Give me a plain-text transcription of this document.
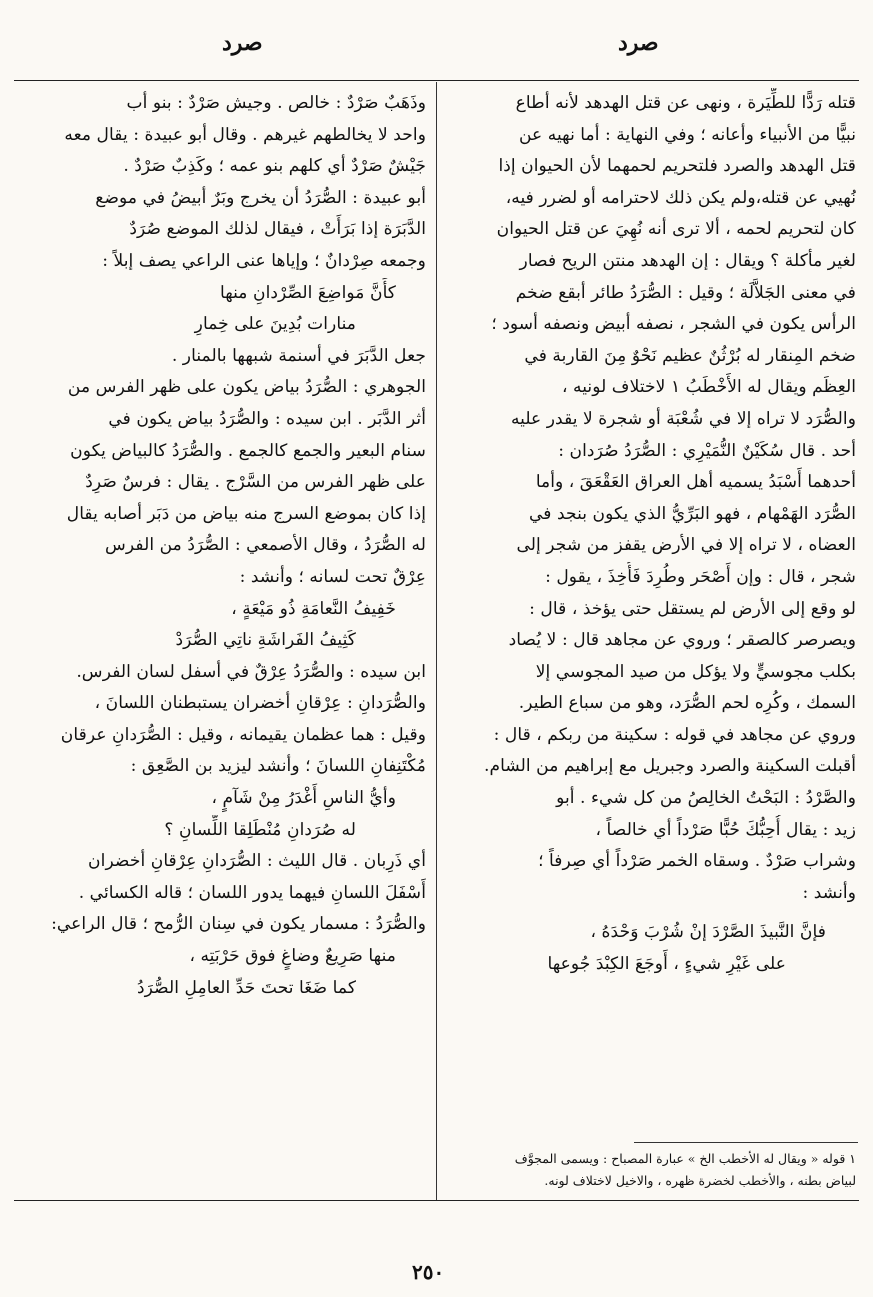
صرد
صرد
قتله رَدًّا للطِّيَرة ، ونهى عن قتل الهدهد لأنه أطاع
نبيًّا من الأنبياء وأعانه ؛ وفي النهاية : أما نهيه عن
قتل الهدهد والصرد فلتحريم لحمهما لأن الحيوان إذا
نُهيي عن قتله،ولم يكن ذلك لاحترامه أو لضرر فيه،
كان لتحريم لحمه ، ألا ترى أنه نُهِيَ عن قتل الحيوان
لغير مأكلة ؟ ويقال : إن الهدهد منتن الريح فصار
في معنى الجَلاَّلَة ؛ وقيل : الصُّرَدُ طائر أبقع ضخم
الرأس يكون في الشجر ، نصفه أبيض ونصفه أسود ؛
ضخم المِنقار له بُرْثُنٌ عظيم نَحْوٌ مِنَ القاربة في
العِظَم ويقال له الأَخْطَبُ ١ لاختلاف لونيه ،
والصُّرَد لا تراه إلا في شُعْبَة أو شجرة لا يقدر عليه
أحد . قال سُكَيْنٌ النُّمَيْرِي : الصُّرَدُ صُرَدان :
أحدهما أَسْبَدُ يسميه أهل العراق العَقْعَقَ ، وأما
الصُّرَد الهَمْهام ، فهو البَرِّيُّ الذي يكون بنجد في
العضاه ، لا تراه إلا في الأرض يقفز من شجر إلى
شجر ، قال : وإن أَصْحَر وطُرِدَ فَأُخِذَ ، يقول :
لو وقع إلى الأرض لم يستقل حتى يؤخذ ، قال :
ويصرصر كالصقر ؛ وروي عن مجاهد قال : لا يُصاد
بكلب مجوسيٍّ ولا يؤكل من صيد المجوسي إلا
السمك ، وكُرِه لحم الصُّرَد، وهو من سباع الطير.
وروي عن مجاهد في قوله : سكينة من ربكم ، قال :
أقبلت السكينة والصرد وجبريل مع إبراهيم من الشام.
والصَّرْدُ : البَحْتُ الخالِصُ من كل شيء . أبو
زيد : يقال أُحِبُّكَ حُبًّا صَرْداً أي خالصاً ،
وشراب صَرْدٌ . وسقاه الخمر صَرْداً أي صِرفاً ؛
وأنشد :
فإنَّ النَّبيذَ الصَّرْدَ إنْ شُرْبَ وَحْدَهُ ،
على غَيْرِ شيءٍ ، أَوجَعَ الكِبْدَ جُوعها
وذَهَبٌ صَرْدٌ : خالص . وجيش صَرْدٌ : بنو أب
واحد لا يخالطهم غيرهم . وقال أبو عبيدة : يقال معه
جَيْشٌ صَرْدٌ أي كلهم بنو عمه ؛ وكَذِبٌ صَرْدٌ .
أبو عبيدة : الصُّرَدُ أن يخرج وبَرٌ أبيضُ في موضع
الدَّبَرَة إذا بَرَأَتْ ، فيقال لذلك الموضع صُرَدٌ
وجمعه صِرْدانٌ ؛ وإياها عنى الراعي يصف إبلاً :
كأَنَّ مَواضِعَ الصِّرْدانِ منها
منارات بُدِينَ على خِمارِ
جعل الدَّبَرَ في أسنمة شبهها بالمنار .
الجوهري : الصُّرَدُ بياض يكون على ظهر الفرس من
أثر الدَّبَر . ابن سيده : والصُّرَدُ بياض يكون في
سنام البعير والجمع كالجمع . والصُّرَدُ كالبياض يكون
على ظهر الفرس من السَّرْج . يقال : فرسٌ صَرِدٌ
إذا كان بموضع السرج منه بياض من دَبَر أصابه يقال
له الصُّرَدُ ، وقال الأصمعي : الصُّرَدُ من الفرس
عِرْقٌ تحت لسانه ؛ وأنشد :
خَفِيفُ النَّعامَةِ ذُو مَيْعَةٍ ،
كَثِيفُ الفَراشَةِ ناتِي الصُّرَدْ
ابن سيده : والصُّرَدُ عِرْقٌ في أسفل لسان الفرس.
والصُّرَدانِ : عِرْقانِ أخضران يستبطنان اللسانَ ،
وقيل : هما عظمان يقيمانه ، وقيل : الصُّرَدانِ عرقان
مُكْتَنِفانِ اللسانَ ؛ وأنشد ليزيد بن الصَّعِق :
وأيُّ الناسِ أَغْدَرُ مِنْ شَآمٍ ،
له صُرَدانِ مُنْطَلِقا اللِّسانِ ؟
أي ذَرِبان . قال الليث : الصُّرَدانِ عِرْقانِ أخضران
أَسْفَلَ اللسانِ فيهما يدور اللسان ؛ قاله الكسائي .
والصُّرَدُ : مسمار يكون في سِنان الرُّمح ؛ قال الراعي:
منها صَرِيعٌ وضاغٍ فوق حَرْبَتِه ،
كما ضَغَا تحتَ حَدِّ العامِلِ الصُّرَدُ
١ قوله « ويقال له الأخطب الخ » عبارة المصباح : ويسمى المجوَّف
لبياض بطنه ، والأخطب لخضرة ظهره ، والاخيل لاختلاف لونه.
٢٥٠
